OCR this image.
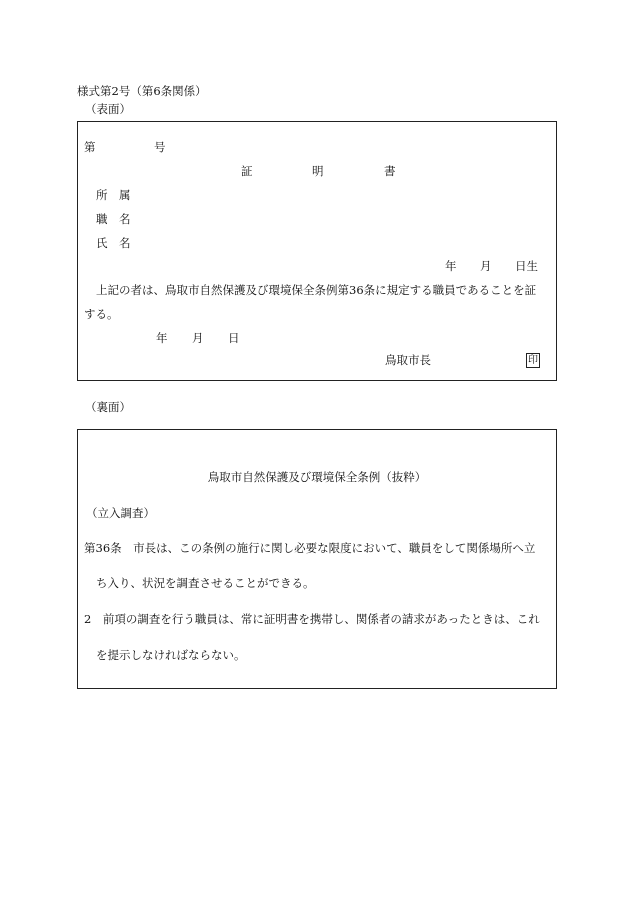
様式第2号（第6条関係）
（表面）
第	号
証	明	書
所　属
職　名
氏　名
年 月 日生
上記の者は、鳥取市自然保護及び環境保全条例第36条に規定する職員であることを証
する。
年 月 日
鳥取市長	印
（裏面）
鳥取市自然保護及び環境保全条例（抜粋）
（立入調査）
第36条　市長は、この条例の施行に関し必要な限度において、職員をして関係場所へ立
ち入り、状況を調査させることができる。
2　前項の調査を行う職員は、常に証明書を携帯し、関係者の請求があったときは、これ
を提示しなければならない。
